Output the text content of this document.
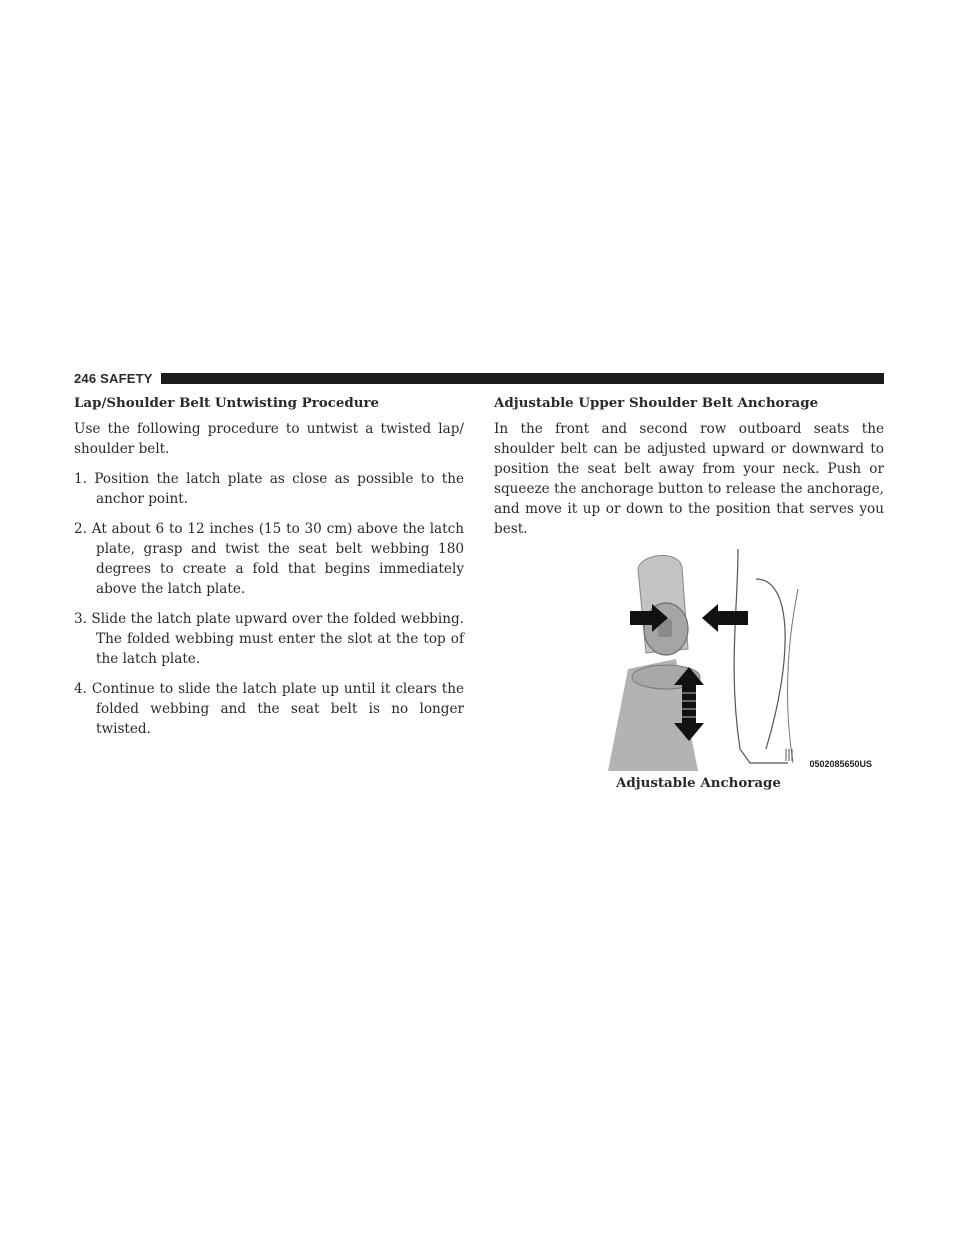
246 SAFETY
Lap/Shoulder Belt Untwisting Procedure

Use the following procedure to untwist a twisted lap/ shoulder belt.

1. Position the latch plate as close as possible to the anchor point.
2. At about 6 to 12 inches (15 to 30 cm) above the latch plate, grasp and twist the seat belt webbing 180 degrees to create a fold that begins immediately above the latch plate.
3. Slide the latch plate upward over the folded webbing. The folded webbing must enter the slot at the top of the latch plate.
4. Continue to slide the latch plate up until it clears the folded webbing and the seat belt is no longer twisted.
Adjustable Upper Shoulder Belt Anchorage

In the front and second row outboard seats the shoulder belt can be adjusted upward or downward to position the seat belt away from your neck. Push or squeeze the anchorage button to release the anchorage, and move it up or down to the position that serves you best.

0502085650US
Adjustable Anchorage
